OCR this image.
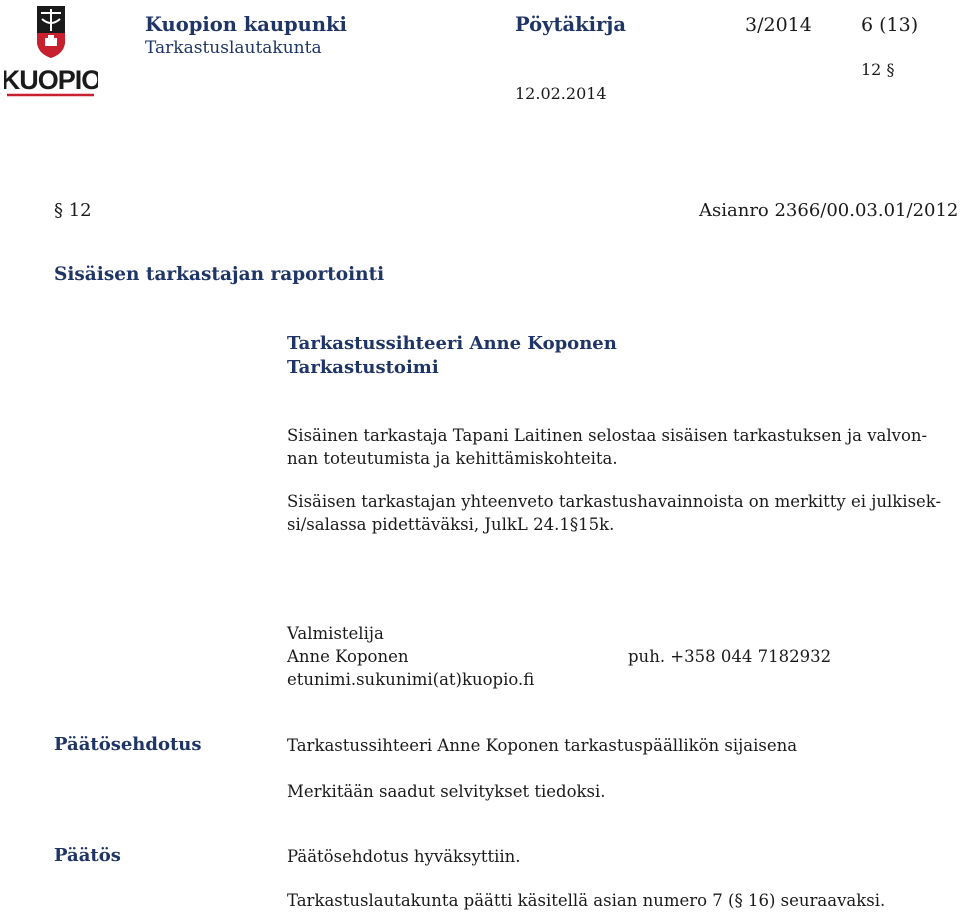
KUOPIO
Kuopion kaupunki
Tarkastuslautakunta
Pöytäkirja	3/2014	6 (13)
12 §
12.02.2014
§ 12	Asianro 2366/00.03.01/2012
Sisäisen tarkastajan raportointi
Tarkastussihteeri Anne Koponen
Tarkastustoimi
Sisäinen tarkastaja Tapani Laitinen selostaa sisäisen tarkastuksen ja valvon-
nan toteutumista ja kehittämiskohteita.
Sisäisen tarkastajan yhteenveto tarkastushavainnoista on merkitty ei julkisek-
si/salassa pidettäväksi, JulkL 24.1§15k.
Valmistelija
Anne Koponen
etunimi.sukunimi(at)kuopio.fi
puh. +358 044 7182932
Päätösehdotus	Tarkastussihteeri Anne Koponen tarkastuspäällikön sijaisena
Merkitään saadut selvitykset tiedoksi.
Päätös	Päätösehdotus hyväksyttiin.
Tarkastuslautakunta päätti käsitellä asian numero 7 (§ 16) seuraavaksi.
